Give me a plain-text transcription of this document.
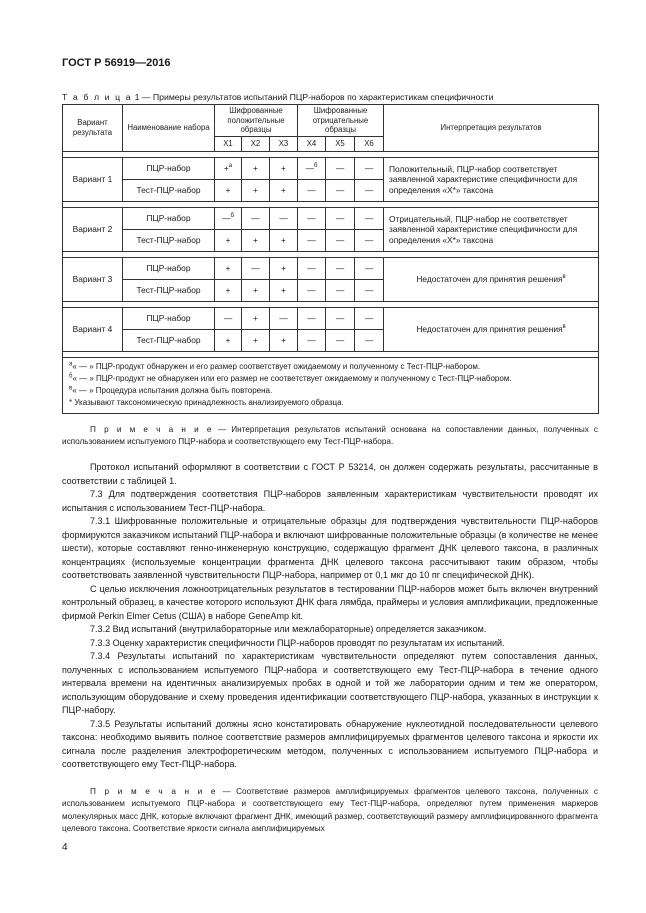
ГОСТ Р 56919—2016
Т а б л и ц а 1 — Примеры результатов испытаний ПЦР-наборов по характеристикам специфичности
Вариант результата	Наименование набора	Шифрованные положительные образцы			Шифрованные отрицательные образцы			Интерпретация результатов
		Х1	Х2	Х3	Х4	Х5	Х6	

Вариант 1	ПЦР-набор	+$^а$	+	+	—$^б$	—	—	Положительный, ПЦР-набор соответствует заявленной характеристике специфичности для определения «Х*» таксона
	Тест-ПЦР-набор	+	+	+	—	—	—	

Вариант 2	ПЦР-набор	—$^б$	—	—	—	—	—	Отрицательный, ПЦР-набор не соответствует заявленной характеристике специфичности для определения «Х*» таксона
	Тест-ПЦР-набор	+	+	+	—	—	—	

Вариант 3	ПЦР-набор	+	—	+	—	—	—	Недостаточен для принятия решения$^в$
	Тест-ПЦР-набор	+	+	+	—	—	—	

Вариант 4	ПЦР-набор	—	+	—	—	—	—	Недостаточен для принятия решения$^в$
	Тест-ПЦР-набор	+	+	+	—	—	—	

$^а$« — » ПЦР-продукт обнаружен и его размер соответствует ожидаемому и полученному с Тест-ПЦР-набором.
$^б$« — » ПЦР-продукт не обнаружен или его размер не соответствует ожидаемому и полученному с Тест-ПЦР-набором.
$^в$« — » Процедура испытания должна быть повторена.
* Указывают таксономическую принадлежность анализируемого образца.								

П р и м е ч а н и е — Интерпретация результатов испытаний основана на сопоставлении данных, полученных с использованием испытуемого ПЦР-набора и соответствующего ему Тест-ПЦР-набора.

Протокол испытаний оформляют в соответствии с ГОСТ Р 53214, он должен содержать результаты, рассчитанные в соответствии с таблицей 1.

7.3 Для подтверждения соответствия ПЦР-наборов заявленным характеристикам чувствительности проводят их испытания с использованием Тест-ПЦР-набора.

7.3.1 Шифрованные положительные и отрицательные образцы для подтверждения чувствительности ПЦР-наборов формируются заказчиком испытаний ПЦР-набора и включают шифрованные положительные образцы (в количестве не менее шести), которые составляют генно-инженерную конструкцию, содержащую фрагмент ДНК целевого таксона, в различных концентрациях (используемые концентрации фрагмента ДНК целевого таксона рассчитывают таким образом, чтобы соответствовать заявленной чувствительности ПЦР-набора, например от 0,1 мкг до 10 пг специфической ДНК).

С целью исключения ложноотрицательных результатов в тестировании ПЦР-наборов может быть включен внутренний контрольный образец, в качестве которого используют ДНК фага лямбда, праймеры и условия амплификации, предложенные фирмой Perkin Elmer Cetus (США) в наборе GeneAmp kit.

7.3.2 Вид испытаний (внутрилабораторные или межлабораторные) определяется заказчиком.

7.3.3 Оценку характеристик специфичности ПЦР-наборов проводят по результатам их испытаний.

7.3.4 Результаты испытаний по характеристикам чувствительности определяют путем сопоставления данных, полученных с использованием испытуемого ПЦР-набора и соответствующего ему Тест-ПЦР-набора в течение одного интервала времени на идентичных анализируемых пробах в одной и той же лаборатории одним и тем же оператором, использующим оборудование и схему проведения идентификации соответствующего ПЦР-набора, указанных в инструкции к ПЦР-набору.

7.3.5 Результаты испытаний должны ясно констатировать обнаружение нуклеотидной последовательности целевого таксона: необходимо выявить полное соответствие размеров амплифицируемых фрагментов целевого таксона и яркости их сигнала после разделения электрофоретическим методом, полученных с использованием испытуемого ПЦР-набора и соответствующего ему Тест-ПЦР-набора.

П р и м е ч а н и е — Соответствие размеров амплифицируемых фрагментов целевого таксона, полученных с использованием испытуемого ПЦР-набора и соответствующего ему Тест-ПЦР-набора, определяют путем применения маркеров молекулярных масс ДНК, которые включают фрагмент ДНК, имеющий размер, соответствующий размеру амплифицированного фрагмента целевого таксона. Соответствие яркости сигнала амплифицируемых

4
